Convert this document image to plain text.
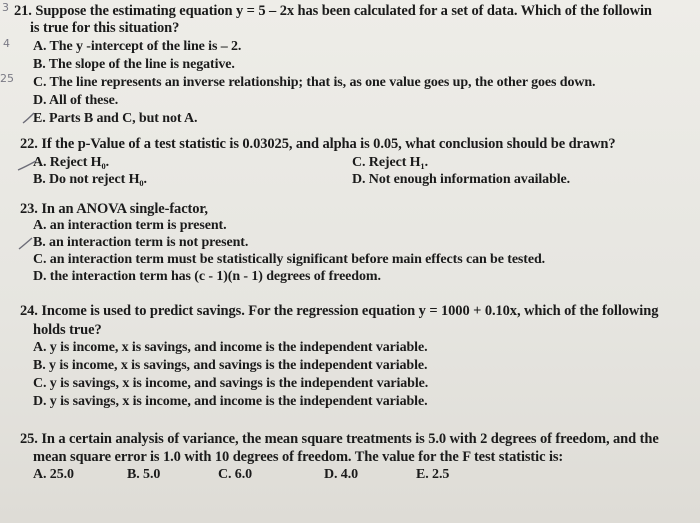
3
4
25
21. Suppose the estimating equation y = 5 – 2x has been calculated for a set of data. Which of the followin
is true for this situation?
A. The y -intercept of the line is – 2.
B. The slope of the line is negative.
C. The line represents an inverse relationship; that is, as one value goes up, the other goes down.
D. All of these.
E. Parts B and C, but not A.
22. If the p-Value of a test statistic is 0.03025, and alpha is 0.05, what conclusion should be drawn?
A. Reject H₀.
B. Do not reject H₀.
C. Reject H₁.
D. Not enough information available.
23. In an ANOVA single-factor,
A. an interaction term is present.
B. an interaction term is not present.
C. an interaction term must be statistically significant before main effects can be tested.
D. the interaction term has (c - 1)(n - 1) degrees of freedom.
24. Income is used to predict savings. For the regression equation y = 1000 + 0.10x, which of the following
holds true?
A. y is income, x is savings, and income is the independent variable.
B. y is income, x is savings, and savings is the independent variable.
C. y is savings, x is income, and savings is the independent variable.
D. y is savings, x is income, and income is the independent variable.
25. In a certain analysis of variance, the mean square treatments is 5.0 with 2 degrees of freedom, and the
mean square error is 1.0 with 10 degrees of freedom. The value for the F test statistic is:
A. 25.0	B. 5.0	C. 6.0	D. 4.0	E. 2.5
